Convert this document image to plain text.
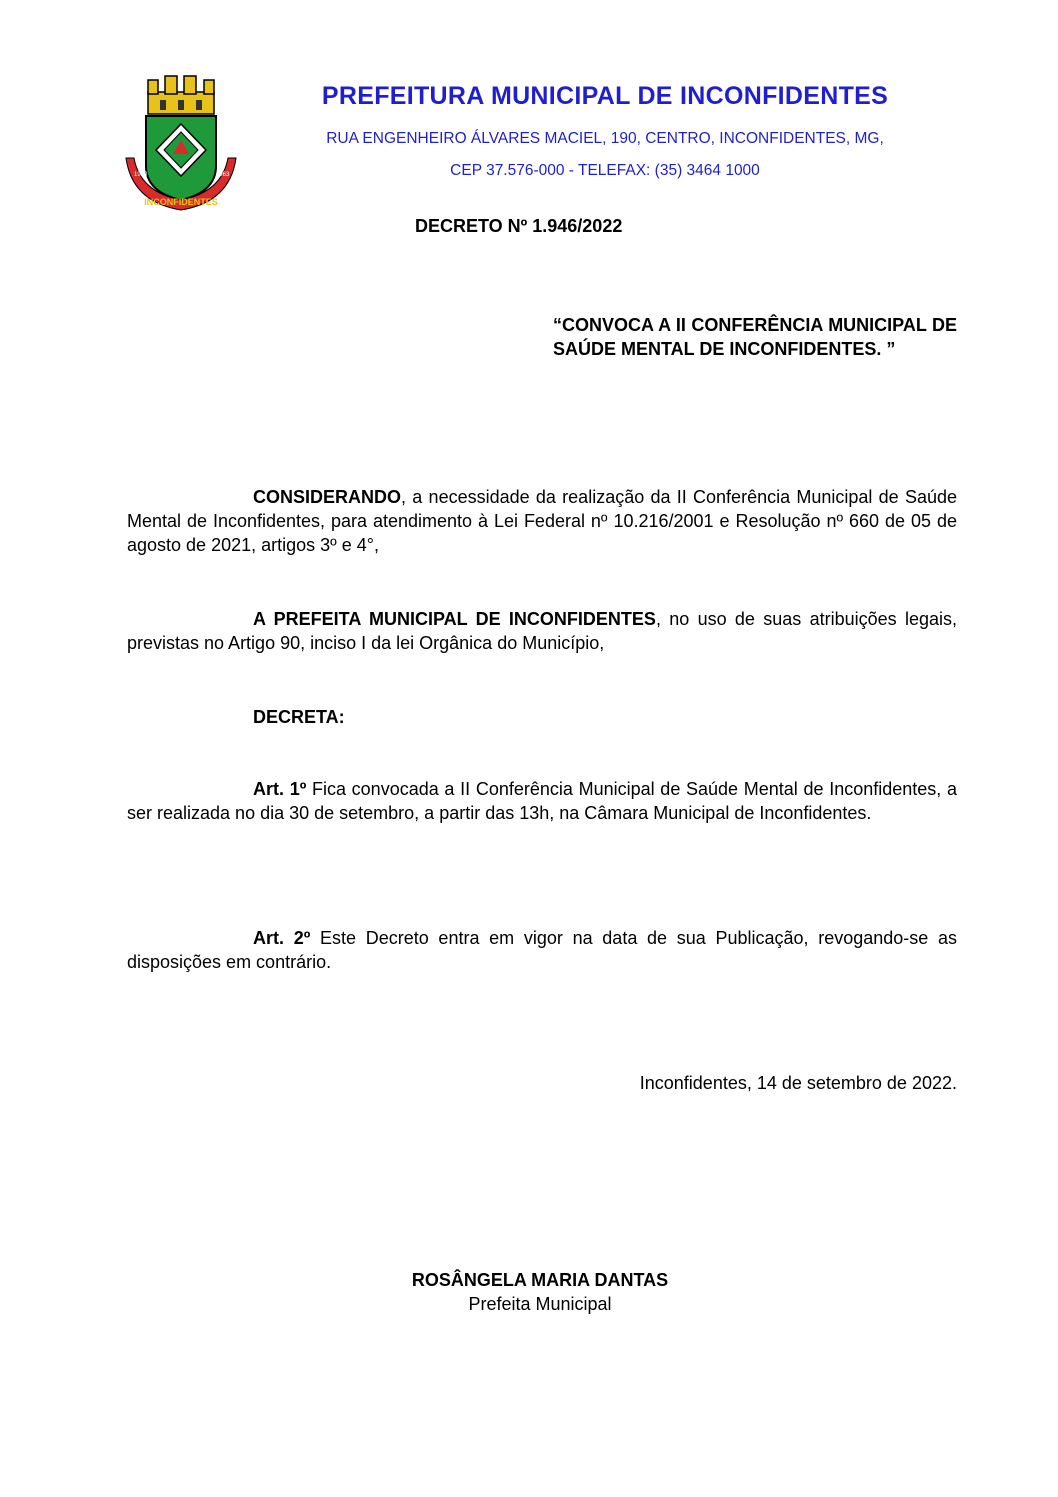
INCONFIDENTES
1910	1963
PREFEITURA MUNICIPAL DE INCONFIDENTES
RUA ENGENHEIRO ÁLVARES MACIEL, 190, CENTRO, INCONFIDENTES, MG,
CEP 37.576-000 - TELEFAX: (35) 3464 1000
DECRETO Nº 1.946/2022
“CONVOCA A II CONFERÊNCIA MUNICIPAL DE SAÚDE MENTAL DE INCONFIDENTES. ”
CONSIDERANDO, a necessidade da realização da II Conferência Municipal de Saúde Mental de Inconfidentes, para atendimento à Lei Federal nº 10.216/2001 e Resolução nº 660 de 05 de agosto de 2021, artigos 3º e 4°,
A PREFEITA MUNICIPAL DE INCONFIDENTES, no uso de suas atribuições legais, previstas no Artigo 90, inciso I da lei Orgânica do Município,
DECRETA:
Art. 1º Fica convocada a II Conferência Municipal de Saúde Mental de Inconfidentes, a ser realizada no dia 30 de setembro, a partir das 13h, na Câmara Municipal de Inconfidentes.
Art. 2º Este Decreto entra em vigor na data de sua Publicação, revogando-se as disposições em contrário.
Inconfidentes, 14 de setembro de 2022.
ROSÂNGELA MARIA DANTAS
Prefeita Municipal
